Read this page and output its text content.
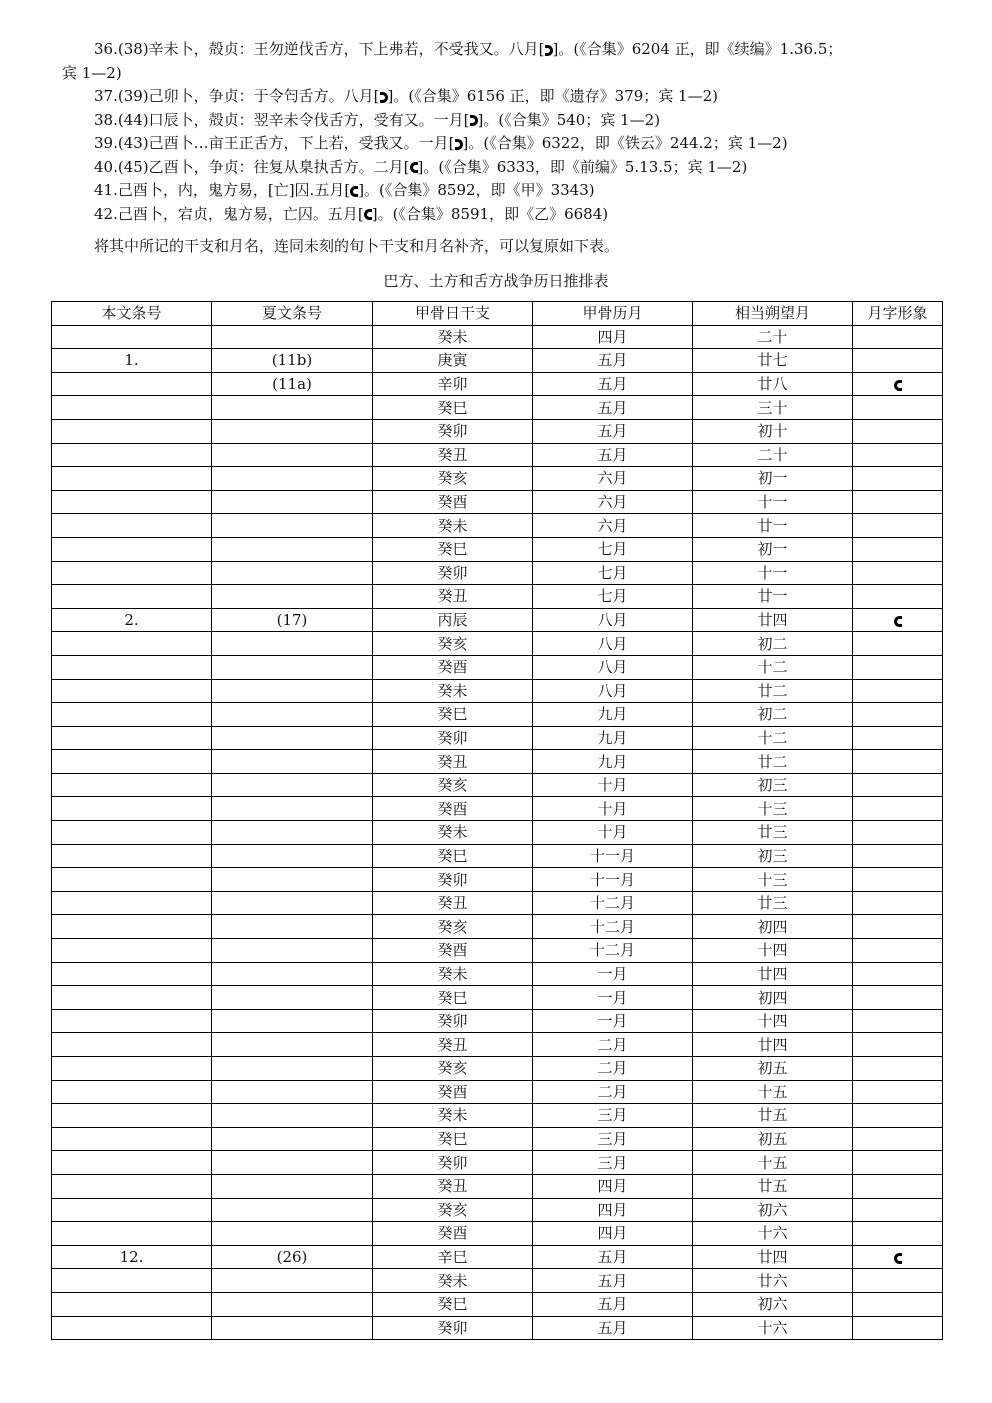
36.(38)辛未卜，殻贞：王勿逆伐舌方，下上弗若，不受我又。八月[ ]。(《合集》6204 正，即《续编》1.36.5；
宾 1—2)
37.(39)己卯卜，争贞：于令匄舌方。八月[ ]。(《合集》6156 正，即《遗存》379；宾 1—2)
38.(44)口辰卜，殻贞：翌辛未令伐舌方，受有又。一月[ ]。(《合集》540；宾 1—2)
39.(43)己酉卜…亩王正舌方，下上若，受我又。一月[ ]。(《合集》6322，即《铁云》244.2；宾 1—2)
40.(45)乙酉卜，争贞：往复从臬执舌方。二月[ ]。(《合集》6333，即《前编》5.13.5；宾 1—2)
41.己酉卜，内，鬼方易，[亡]囚.五月[ ]。(《合集》8592，即《甲》3343)
42.己酉卜，宕贞，鬼方易，亡囚。五月[ ]。(《合集》8591，即《乙》6684)
将其中所记的干支和月名，连同未刻的旬卜干支和月名补齐，可以复原如下表。
巴方、土方和舌方战争历日推排表
本文条号	夏文条号	甲骨日干支	甲骨历月	相当朔望月	月字形象
		癸未	四月	二十	
1.	(11b)	庚寅	五月	廿七	
	(11a)	辛卯	五月	廿八	
		癸巳	五月	三十	
		癸卯	五月	初十	
		癸丑	五月	二十	
		癸亥	六月	初一	
		癸酉	六月	十一	
		癸未	六月	廿一	
		癸巳	七月	初一	
		癸卯	七月	十一	
		癸丑	七月	廿一	
2.	(17)	丙辰	八月	廿四	
		癸亥	八月	初二	
		癸酉	八月	十二	
		癸未	八月	廿二	
		癸巳	九月	初二	
		癸卯	九月	十二	
		癸丑	九月	廿二	
		癸亥	十月	初三	
		癸酉	十月	十三	
		癸未	十月	廿三	
		癸巳	十一月	初三	
		癸卯	十一月	十三	
		癸丑	十二月	廿三	
		癸亥	十二月	初四	
		癸酉	十二月	十四	
		癸未	一月	廿四	
		癸巳	一月	初四	
		癸卯	一月	十四	
		癸丑	二月	廿四	
		癸亥	二月	初五	
		癸酉	二月	十五	
		癸未	三月	廿五	
		癸巳	三月	初五	
		癸卯	三月	十五	
		癸丑	四月	廿五	
		癸亥	四月	初六	
		癸酉	四月	十六	
12.	(26)	辛巳	五月	廿四	
		癸未	五月	廿六	
		癸巳	五月	初六	
		癸卯	五月	十六	
